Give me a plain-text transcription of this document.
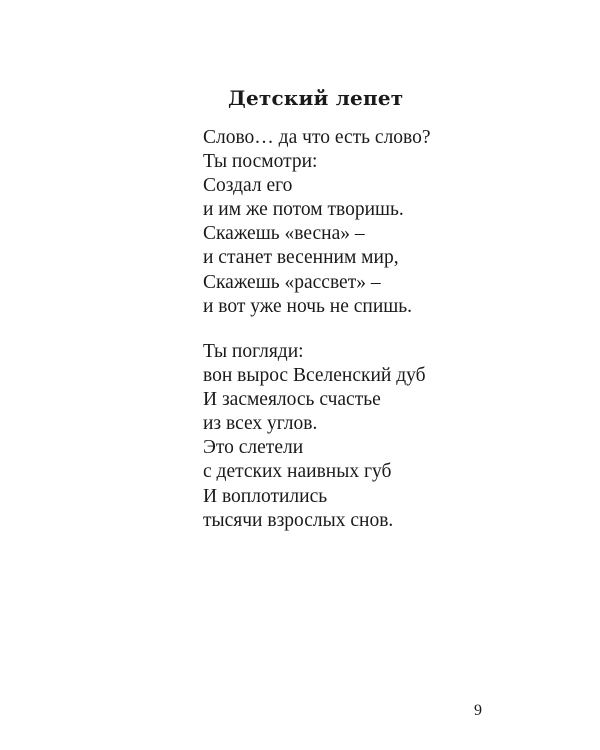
Детский лепет
Слово… да что есть слово?
Ты посмотри:
Создал его
и им же потом творишь.
Скажешь «весна» –
и станет весенним мир,
Скажешь «рассвет» –
и вот уже ночь не спишь.
Ты погляди:
вон вырос Вселенский дуб
И засмеялось счастье
из всех углов.
Это слетели
с детских наивных губ
И воплотились
тысячи взрослых снов.
9
